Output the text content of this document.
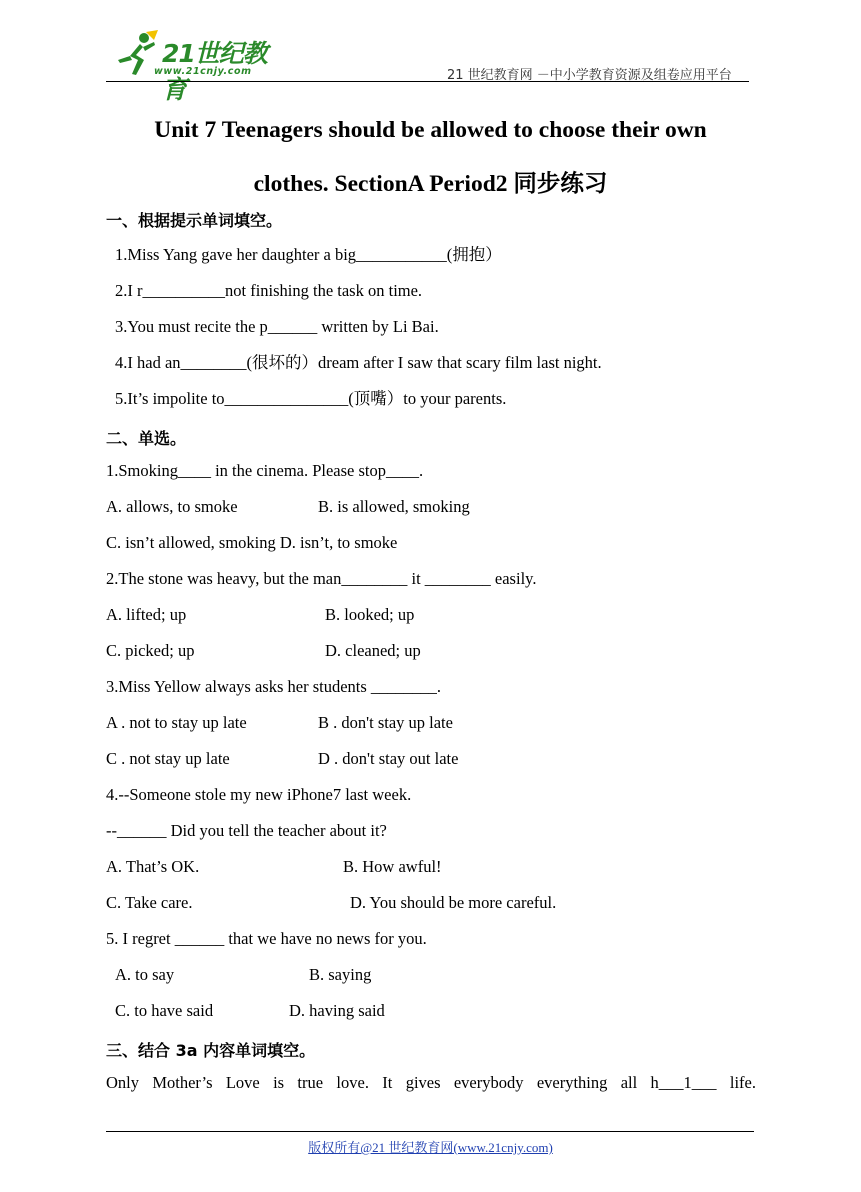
21世纪教育
www.21cnjy.com	21 世纪教育网 －中小学教育资源及组卷应用平台
Unit 7 Teenagers should be allowed to choose their own
clothes. SectionA Period2 同步练习
一、根据提示单词填空。
1.Miss Yang gave her daughter a big___________(拥抱）
2.I r__________not finishing the task on time.
3.You must recite the p______ written by Li Bai.
4.I had an________(很坏的）dream after I saw that scary film last night.
5.It’s impolite to_______________(顶嘴）to your parents.
二、单选。
1.Smoking____ in the cinema. Please stop____.
A. allows, to smoke	B. is allowed, smoking
C. isn’t allowed, smoking D. isn’t, to smoke
2.The stone was heavy, but the man________ it ________ easily.
A. lifted; up	B. looked; up
C. picked; up	D. cleaned; up
3.Miss Yellow always asks her students ________.
A . not to stay up late	B . don't stay up late
C . not stay up late	D . don't stay out late
4.--Someone stole my new iPhone7 last week.
--______ Did you tell the teacher about it?
A. That’s OK.	B. How awful!
C. Take care.	D. You should be more careful.
5. I regret ______ that we have no news for you.
A. to say	B. saying
C. to have said	D. having said
三、结合 3a 内容单词填空。
Only Mother’s Love is true love. It gives everybody everything all h___1___ life.
版权所有@21 世纪教育网(www.21cnjy.com)
